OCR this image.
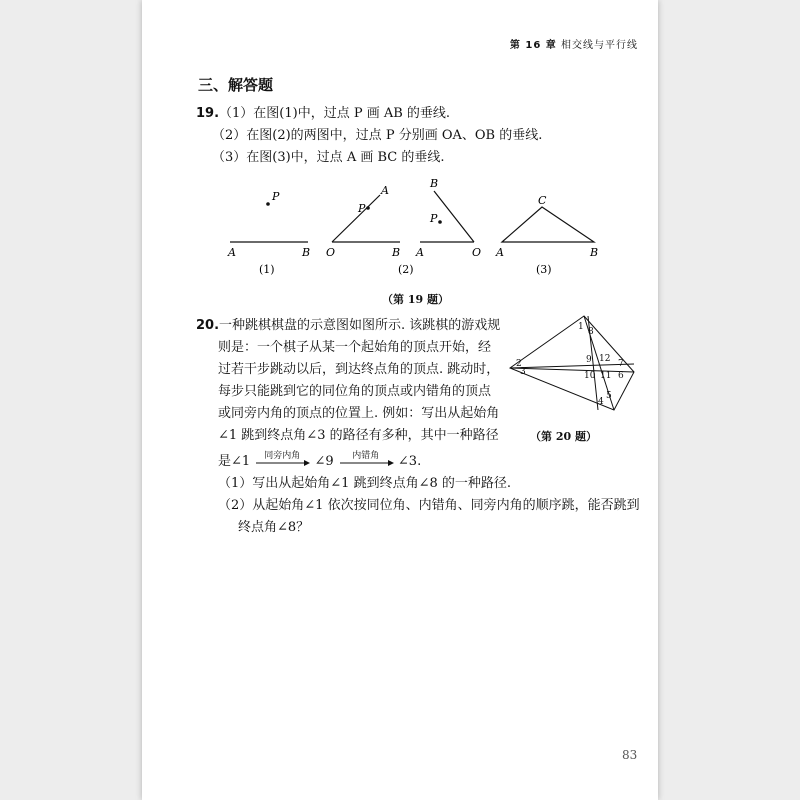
第 16 章 相交线与平行线
三、解答题
19.（1）在图(1)中，过点 P 画 AB 的垂线.
（2）在图(2)的两图中，过点 P 分别画 OA、OB 的垂线.
（3）在图(3)中，过点 A 画 BC 的垂线.
P
A	B
(1)
A
P
O	B
B
P
A	O
(2)
C
A	B
(3)
（第 19 题）
20.一种跳棋棋盘的示意图如图所示. 该跳棋的游戏规
则是：一个棋子从某一个起始角的顶点开始，经
过若干步跳动以后，到达终点角的顶点. 跳动时，
每步只能跳到它的同位角的顶点或内错角的顶点
或同旁内角的顶点的位置上. 例如：写出从起始角
∠1 跳到终点角∠3 的路径有多种，其中一种路径
是∠1	同旁内角	∠9	内错角	∠3.
（1）写出从起始角∠1 跳到终点角∠8 的一种路径.
（2）从起始角∠1 依次按同位角、内错角、同旁内角的顺序跳，能否跳到
终点角∠8？
1 8
2
3
9 12 7
10 11 6
4
5
（第 20 题）
83
